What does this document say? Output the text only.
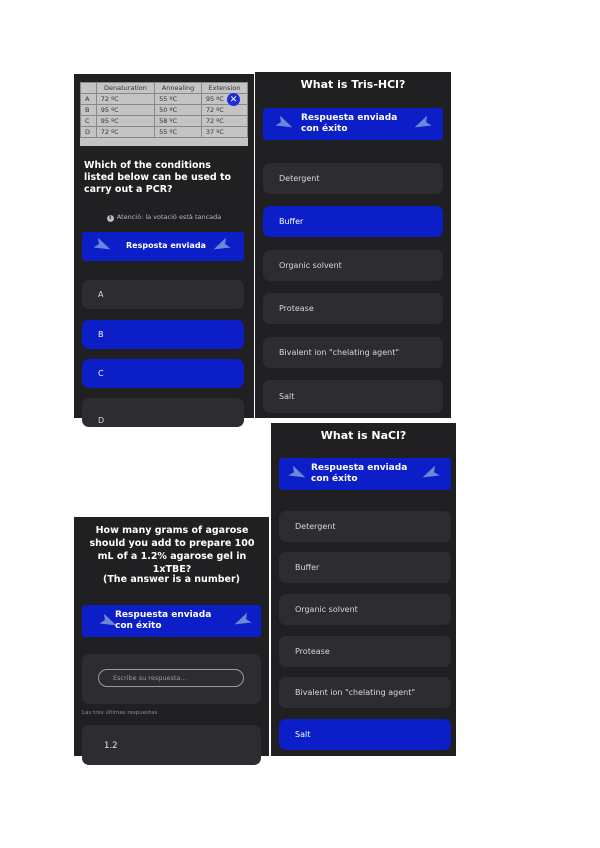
	Denaturation	Annealing	Extension
A	72 ºC	55 ºC	95 ºC
B	95 ºC	50 ºC	72 ºC
C	95 ºC	58 ºC	72 ºC
D	72 ºC	55 ºC	37 ºC
✕
Which of the conditions listed below can be used to carry out a PCR?
i Atenció: la votació està tancada
Resposta enviada
A
B
C
D
What is Tris-HCl?
Respuesta enviada con éxito
Detergent
Buffer
Organic solvent
Protease
Bivalent ion "chelating agent"
Salt
How many grams of agarose should you add to prepare 100 mL of a 1.2% agarose gel in 1xTBE?
(The answer is a number)
Respuesta enviada con éxito
Escribe su respuesta...
Las tres últimas respuestas
1.2
What is NaCl?
Respuesta enviada con éxito
Detergent
Buffer
Organic solvent
Protease
Bivalent ion "chelating agent"
Salt
